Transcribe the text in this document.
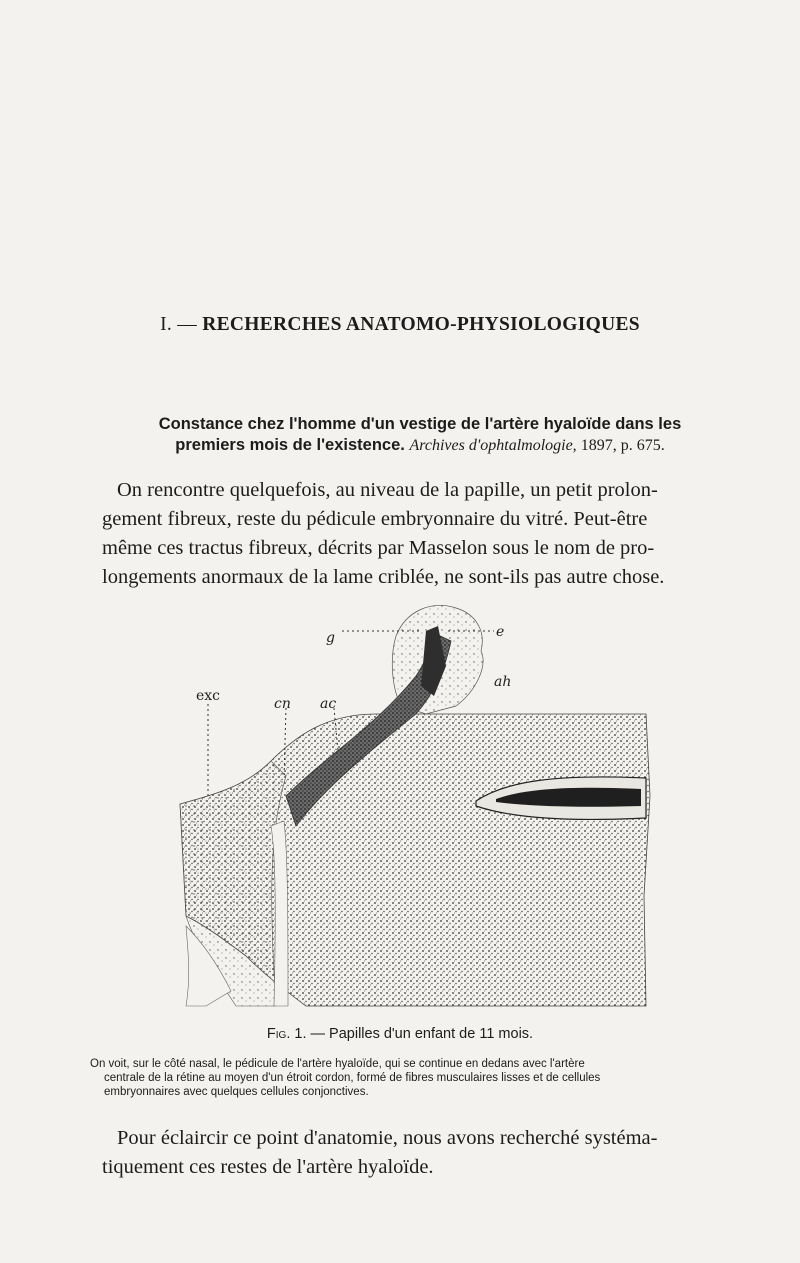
I. — RECHERCHES ANATOMO-PHYSIOLOGIQUES
Constance chez l'homme d'un vestige de l'artère hyaloïde dans les
premiers mois de l'existence. Archives d'ophtalmologie, 1897, p. 675.
On rencontre quelquefois, au niveau de la papille, un petit prolon-
gement fibreux, reste du pédicule embryonnaire du vitré. Peut-être
même ces tractus fibreux, décrits par Masselon sous le nom de pro-
longements anormaux de la lame criblée, ne sont-ils pas autre chose.
g	e
ah
exc	cn ac
Fig. 1. — Papilles d'un enfant de 11 mois.
On voit, sur le côté nasal, le pédicule de l'artère hyaloïde, qui se continue en dedans avec l'artère
centrale de la rétine au moyen d'un étroit cordon, formé de fibres musculaires lisses et de cellules
embryonnaires avec quelques cellules conjonctives.
Pour éclaircir ce point d'anatomie, nous avons recherché systéma-
tiquement ces restes de l'artère hyaloïde.
